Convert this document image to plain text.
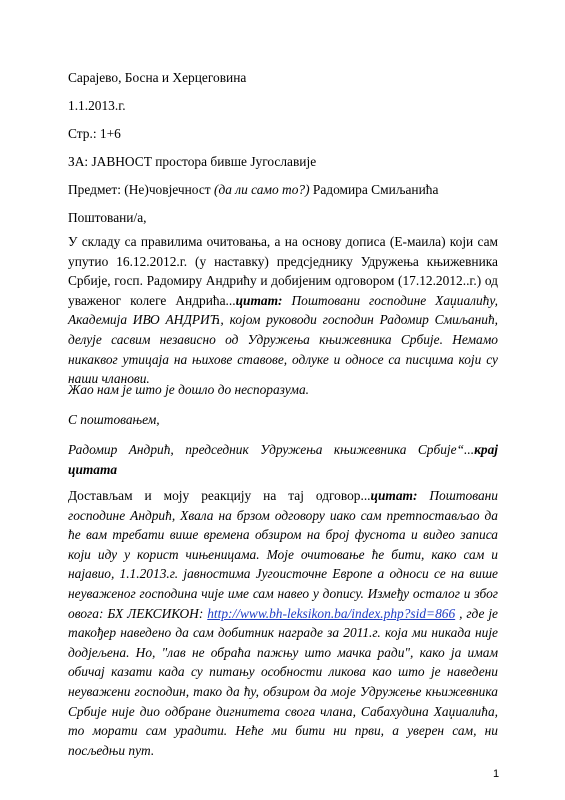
Сарајево, Босна и Херцеговина
1.1.2013.г.
Стр.: 1+6
ЗА: ЈАВНОСТ простора бивше Југославије
Предмет: (Не)човјечност (да ли само то?) Радомира Смиљанића
Поштовани/а,
У складу са правилима очитовања, а на основу дописа (Е-маила) који сам упутио 16.12.2012.г. (у наставку) предсједнику Удружења књижевника Србије, госп. Радомиру Андрићу и добијеним одговором (17.12.2012..г.) од уваженог колеге Андрића...цитат: Поштовани господине Хаџиалићу, Академија ИВО АНДРИЋ, којом руководи господин Радомир Смиљанић, делује сасвим независно од Удружења књижевника Србије. Немамо никаквог утицаја на њихове ставове, одлуке и односе са писцима који су наши чланови.
Жао нам је што је дошло до неспоразума.
С поштовањем,
Радомир Андрић, председник Удружења књижевника Србије“...крај цитата
Достављам и моју реакцију на тај одговор...цитат: Поштовани господине Андрић, Хвала на брзом одговору иако сам претпостављао да ће вам требати више времена обзиром на број фуснота и видео записа који иду у корист чињеницама. Моје очитовање ће бити, како сам и најавио, 1.1.2013.г. јавностима Југоисточне Европе а односи се на више неуваженог господина чије име сам навео у допису. Између осталог и због овога: БХ ЛЕКСИКОН: http://www.bh-leksikon.ba/index.php?sid=866 , где је такођер наведено да сам добитник награде за 2011.г. која ми никада није додјељена. Но, "лав не обраћа пажњу што мачка ради", како ја имам обичај казати када су питању особности ликова као што је наведени неуважени господин, тако да ћу, обзиром да моје Удружење књижевника Србије није дио одбране дигнитета свога члана, Сабахудина Хаџиалића, то морати сам урадити. Неће ми бити ни први, а уверен сам, ни посљедњи пут.
1
